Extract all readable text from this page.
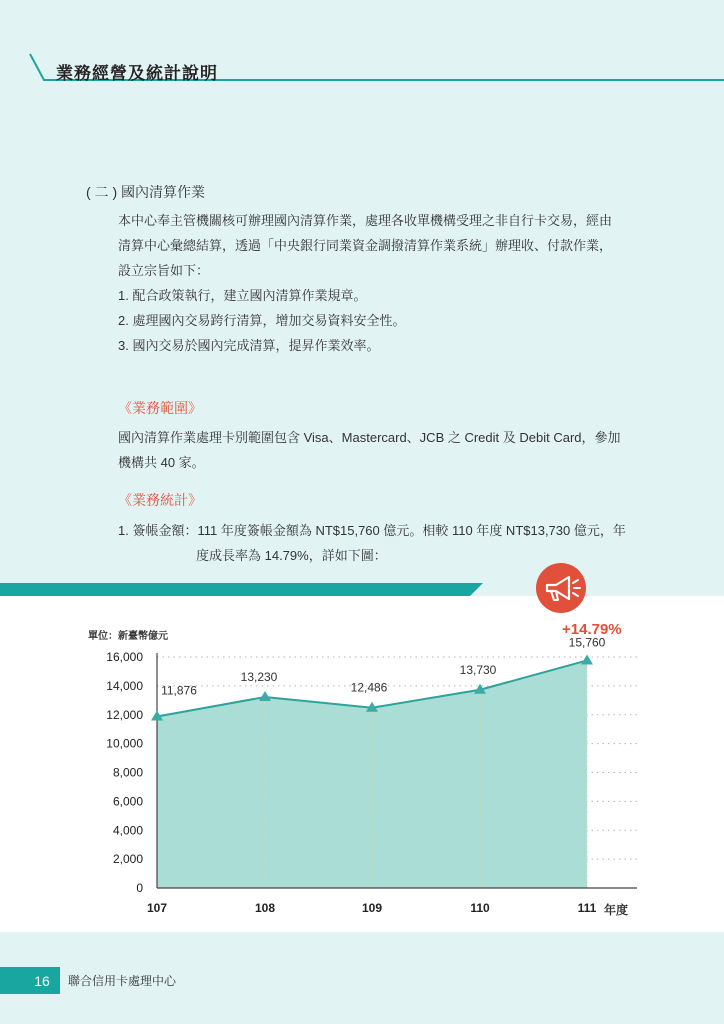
業務經營及統計說明
( 二 ) 國內清算作業
本中心奉主管機關核可辦理國內清算作業，處理各收單機構受理之非自行卡交易，經由
清算中心彙總結算，透過「中央銀行同業資金調撥清算作業系統」辦理收、付款作業，
設立宗旨如下：
1. 配合政策執行，建立國內清算作業規章。
2. 處理國內交易跨行清算，增加交易資料安全性。
3. 國內交易於國內完成清算，提昇作業效率。
《業務範圍》
國內清算作業處理卡別範圍包含 Visa、Mastercard、JCB 之 Credit 及 Debit Card，參加
機構共 40 家。
《業務統計》
1. 簽帳金額：111 年度簽帳金額為 NT$15,760 億元。相較 110 年度 NT$13,730 億元，年
度成長率為 14.79%，詳如下圖：
單位：新臺幣億元	+14.79%
0
2,000
4,000
6,000
8,000
10,000
12,000
14,000
16,000
11,876
13,230
12,486
13,730
15,760
107	108	109	110	111 年度
16	聯合信用卡處理中心
